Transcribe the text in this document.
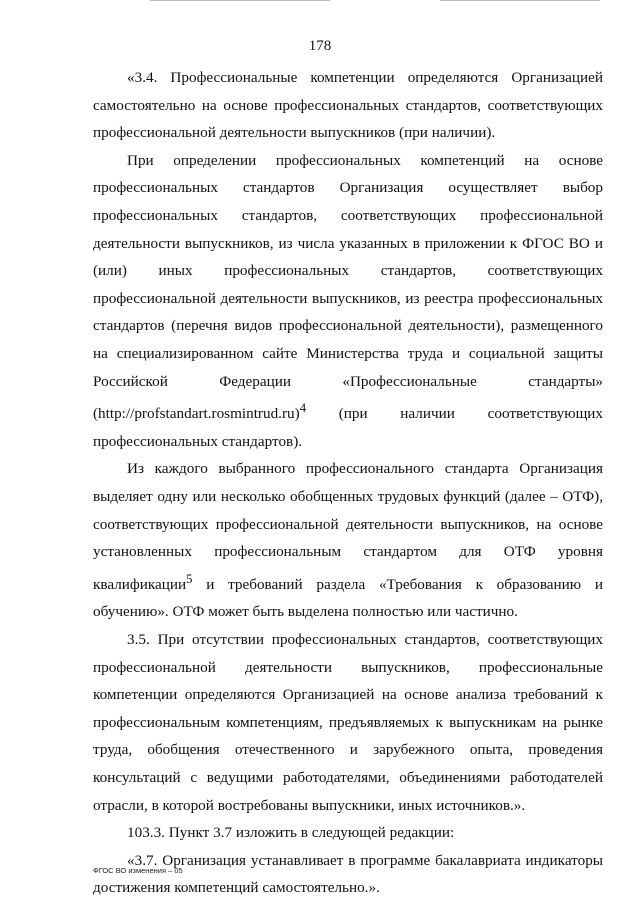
178

«3.4. Профессиональные компетенции определяются Организацией самостоятельно на основе профессиональных стандартов, соответствующих профессиональной деятельности выпускников (при наличии).

При определении профессиональных компетенций на основе профессиональных стандартов Организация осуществляет выбор профессиональных стандартов, соответствующих профессиональной деятельности выпускников, из числа указанных в приложении к ФГОС ВО и (или) иных профессиональных стандартов, соответствующих профессиональной деятельности выпускников, из реестра профессиональных стандартов (перечня видов профессиональной деятельности), размещенного на специализированном сайте Министерства труда и социальной защиты Российской Федерации «Профессиональные стандарты» (http://profstandart.rosmintrud.ru)$^4$ (при наличии соответствующих профессиональных стандартов).

Из каждого выбранного профессионального стандарта Организация выделяет одну или несколько обобщенных трудовых функций (далее – ОТФ), соответствующих профессиональной деятельности выпускников, на основе установленных профессиональным стандартом для ОТФ уровня квалификации$^5$ и требований раздела «Требования к образованию и обучению». ОТФ может быть выделена полностью или частично.

3.5. При отсутствии профессиональных стандартов, соответствующих профессиональной деятельности выпускников, профессиональные компетенции определяются Организацией на основе анализа требований к профессиональным компетенциям, предъявляемых к выпускникам на рынке труда, обобщения отечественного и зарубежного опыта, проведения консультаций с ведущими работодателями, объединениями работодателей отрасли, в которой востребованы выпускники, иных источников.».

103.3. Пункт 3.7 изложить в следующей редакции:

«3.7. Организация устанавливает в программе бакалавриата индикаторы достижения компетенций самостоятельно.».

ФГОС ВО изменения – 05
